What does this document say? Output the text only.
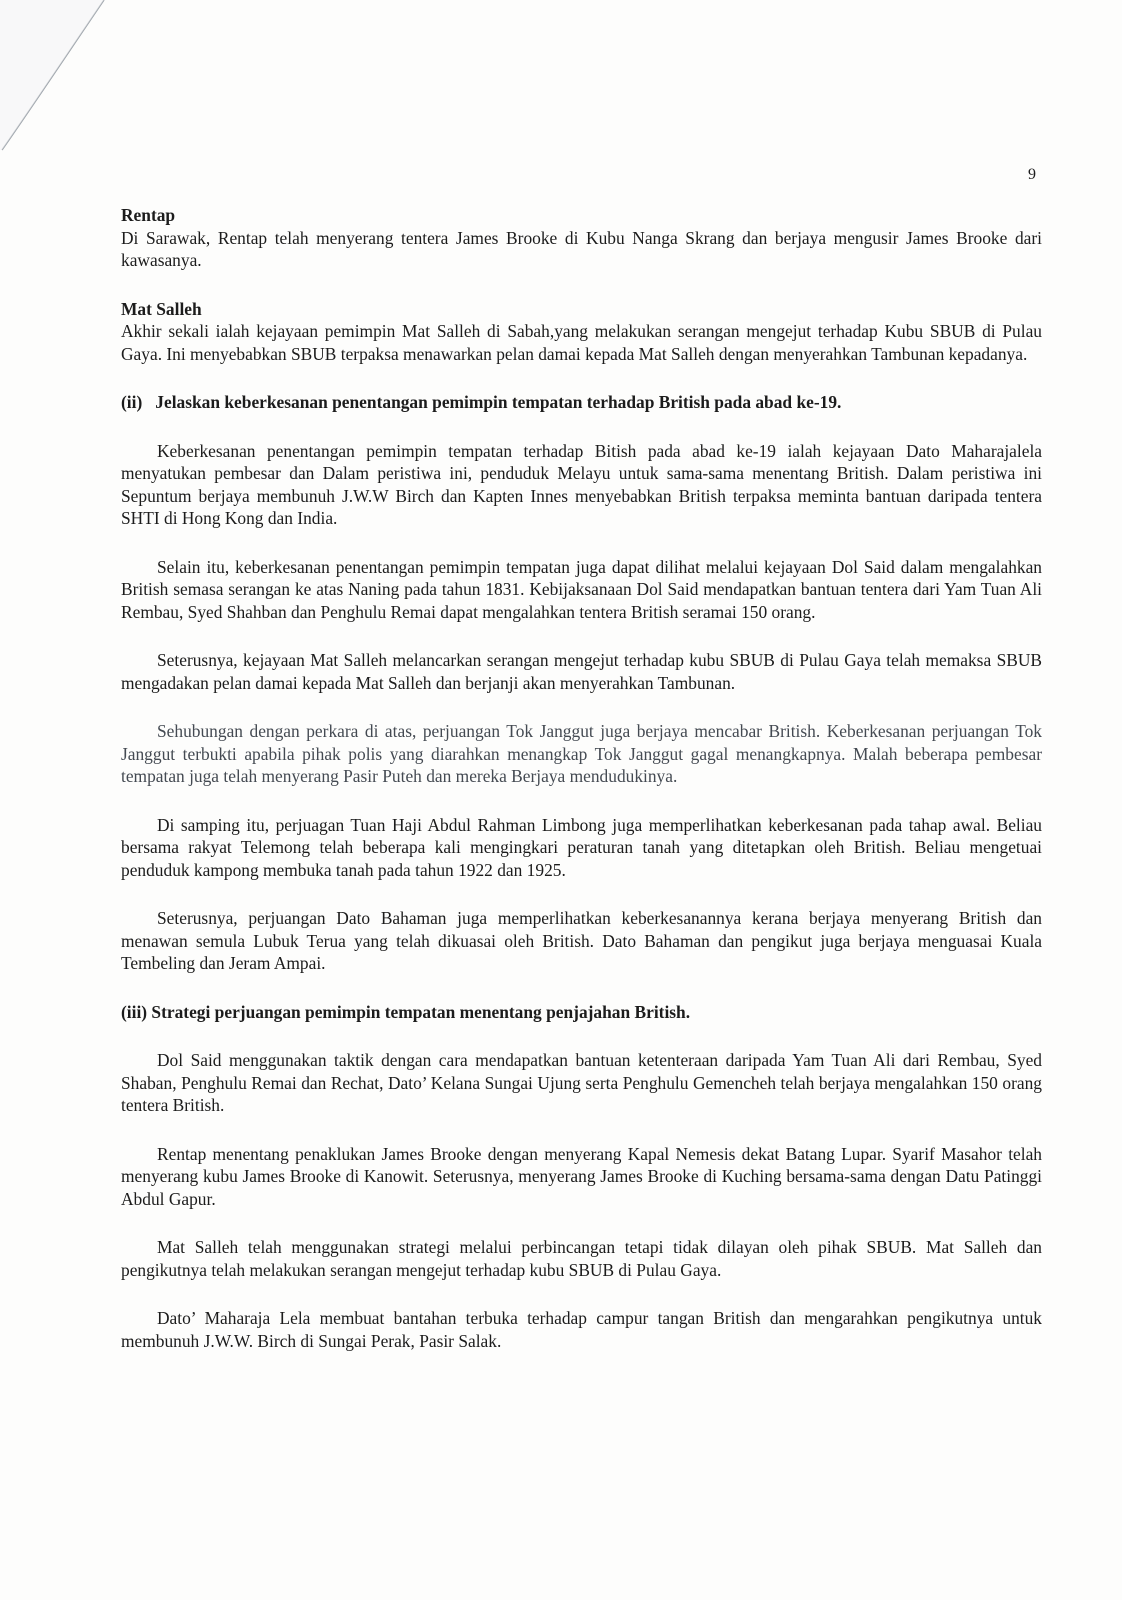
9

Rentap

Di Sarawak, Rentap telah menyerang tentera James Brooke di Kubu Nanga Skrang dan berjaya mengusir James Brooke dari kawasanya.

Mat Salleh

Akhir sekali ialah kejayaan pemimpin Mat Salleh di Sabah,yang melakukan serangan mengejut terhadap Kubu SBUB di Pulau Gaya. Ini menyebabkan SBUB terpaksa menawarkan pelan damai kepada Mat Salleh dengan menyerahkan Tambunan kepadanya.

(ii)   Jelaskan keberkesanan penentangan pemimpin tempatan terhadap British pada abad ke-19.

Keberkesanan penentangan pemimpin tempatan terhadap Bitish pada abad ke-19 ialah kejayaan Dato Maharajalela menyatukan pembesar dan Dalam peristiwa ini, penduduk Melayu untuk sama-sama menentang British. Dalam peristiwa ini Sepuntum berjaya membunuh J.W.W Birch dan Kapten Innes menyebabkan British terpaksa meminta bantuan daripada tentera SHTI di Hong Kong dan India.

Selain itu, keberkesanan penentangan pemimpin tempatan juga dapat dilihat melalui kejayaan Dol Said dalam mengalahkan British semasa serangan ke atas Naning pada tahun 1831. Kebijaksanaan Dol Said mendapatkan bantuan tentera dari Yam Tuan Ali Rembau, Syed Shahban dan Penghulu Remai dapat mengalahkan tentera British seramai 150 orang.

Seterusnya, kejayaan Mat Salleh melancarkan serangan mengejut terhadap kubu SBUB di Pulau Gaya telah memaksa SBUB mengadakan pelan damai kepada Mat Salleh dan berjanji akan menyerahkan Tambunan.

Sehubungan dengan perkara di atas, perjuangan Tok Janggut juga berjaya mencabar British. Keberkesanan perjuangan Tok Janggut terbukti apabila pihak polis yang diarahkan menangkap Tok Janggut gagal menangkapnya. Malah beberapa pembesar tempatan juga telah menyerang Pasir Puteh dan mereka Berjaya mendudukinya.

Di samping itu, perjuagan Tuan Haji Abdul Rahman Limbong juga memperlihatkan keberkesanan pada tahap awal. Beliau bersama rakyat Telemong telah beberapa kali mengingkari peraturan tanah yang ditetapkan oleh British. Beliau mengetuai penduduk kampong membuka tanah pada tahun 1922 dan 1925.

Seterusnya, perjuangan Dato Bahaman juga memperlihatkan keberkesanannya kerana berjaya menyerang British dan menawan semula Lubuk Terua yang telah dikuasai oleh British. Dato Bahaman dan pengikut juga berjaya menguasai Kuala Tembeling dan Jeram Ampai.

(iii) Strategi perjuangan pemimpin tempatan menentang penjajahan British.

Dol Said menggunakan taktik dengan cara mendapatkan bantuan ketenteraan daripada Yam Tuan Ali dari Rembau, Syed Shaban, Penghulu Remai dan Rechat, Dato’ Kelana Sungai Ujung serta Penghulu Gemencheh telah berjaya mengalahkan 150 orang tentera British.

Rentap menentang penaklukan James Brooke dengan menyerang Kapal Nemesis dekat Batang Lupar. Syarif Masahor telah menyerang kubu James Brooke di Kanowit. Seterusnya, menyerang James Brooke di Kuching bersama-sama dengan Datu Patinggi Abdul Gapur.

Mat Salleh telah menggunakan strategi melalui perbincangan tetapi tidak dilayan oleh pihak SBUB. Mat Salleh dan pengikutnya telah melakukan serangan mengejut terhadap kubu SBUB di Pulau Gaya.

Dato’ Maharaja Lela membuat bantahan terbuka terhadap campur tangan British dan mengarahkan pengikutnya untuk membunuh J.W.W. Birch di Sungai Perak, Pasir Salak.
